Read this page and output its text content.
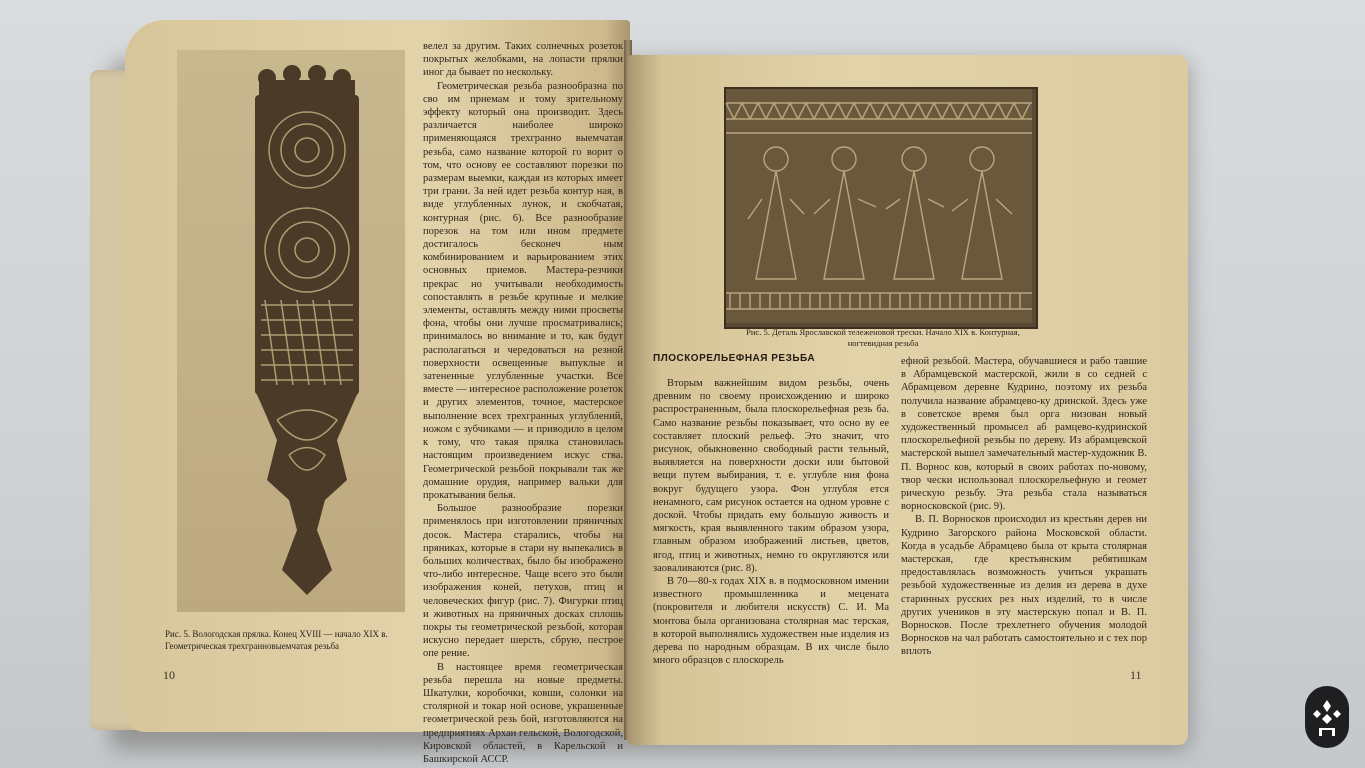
Рис. 5. Вологодская прялка. Конец XVIII — начало XIX в. Геометрическая трехгранновыемчатая резьба
10

велел за другим. Таких солнечных розеток покрытых желобками, на лопасти прялки иног да бывает по нескольку.

Геометрическая резьба разнообразна по сво им приемам и тому зрительному эффекту который она производит. Здесь различается наиболее широко применяющаяся трехгранно выемчатая резьба, само название которой го ворит о том, что основу ее составляют порезки по размерам выемки, каждая из которых имеет три грани. За ней идет резьба контур ная, в виде углубленных лунок, и скобчатая, контурная (рис. 6). Все разнообразие порезок на том или ином предмете достигалось бесконеч ным комбинированием и варьированием этих основных приемов. Мастера-резчики прекрас но учитывали необходимость сопоставлять в резьбе крупные и мелкие элементы, оставлять между ними просветы фона, чтобы они лучше просматривались; принималось во внимание и то, как будут располагаться и чередоваться на резной поверхности освещенные выпуклые и затененные углубленные участки. Все вместе — интересное расположение розеток и других элементов, точное, мастерское выполнение всех трехгранных углублений, ножом с зубчиками — и приводило в целом к тому, что такая прялка становилась настоящим произведением искус ства. Геометрической резьбой покрывали так же домашние орудия, например вальки для прокатывания белья.

Большое разнообразие порезки применялось при изготовлении пряничных досок. Мастера старались, чтобы на пряниках, которые в стари ну выпекались в больших количествах, было бы изображено что-либо интересное. Чаще всего это были изображения коней, петухов, птиц и человеческих фигур (рис. 7). Фигурки птиц и животных на пряничных досках сплошь покры ты геометрической резьбой, которая искусно передает шерсть, сбрую, пестрое опе рение.

В настоящее время геометрическая резьба перешла на новые предметы. Шкатулки, коробочки, ковши, солонки на столярной и токар ной основе, украшенные геометрической резь бой, изготовляются на предприятиях Архан гельской, Вологодской, Кировской областей, в Карельской и Башкирской АССР.

Рис. 5. Деталь Ярославской тележеновой трески. Начало XIX в. Контурная,
ногтевидная резьба
ПЛОСКОРЕЛЬЕФНАЯ РЕЗЬБА

Вторым важнейшим видом резьбы, очень древним по своему происхождению и широко распространенным, была плоскорельефная резь ба. Само название резьбы показывает, что осно ву ее составляет плоский рельеф. Это значит, что рисунок, обыкновенно свободный расти тельный, выявляется на поверхности доски или бытовой вещи путем выбирания, т. е. углубле ния фона вокруг будущего узора. Фон углубля ется ненамного, сам рисунок остается на одном уровне с доской. Чтобы придать ему большую живость и мягкость, края выявленного таким образом узора, главным образом изображений листьев, цветов, ягод, птиц и животных, немно го округляются или заовaливаются (рис. 8).

В 70—80-х годах XIX в. в подмосковном имении известного промышленника и мецената (покровителя и любителя искусств) С. И. Ма монтова была организована столярная мас терская, в которой выполнялись художествен ные изделия из дерева по народным образцам. В их числе было много образцов с плоскорель

ефной резьбой. Мастера, обучавшиеся и рабо тавшие в Абрамцевской мастерской, жили в со седней с Абрамцевом деревне Кудрино, поэтому их резьба получила название абрамцево-ку дринской. Здесь уже в советское время был орга низован новый художественный промысел аб рамцево-кудринской плоскорельефной резьбы по дереву. Из абрамцевской мастерской вышел замечательный мастер-художник В. П. Ворнос ков, который в своих работах по-новому, твор чески использовал плоскорельефную и геомет рическую резьбу. Эта резьба стала называться ворносковской (рис. 9).

В. П. Ворносков происходил из крестьян дерев ни Кудрино Загорского района Московской области. Когда в усадьбе Абрамцево была от крыта столярная мастерская, где крестьянским ребятишкам предоставлялась возможность учиться украшать резьбой художественные из делия из дерева в духе старинных русских рез ных изделий, то в числе других учеников в эту мастерскую попал и В. П. Ворносков. После трехлетнего обучения молодой Ворносков на чал работать самостоятельно и с тех пор вплоть

11
